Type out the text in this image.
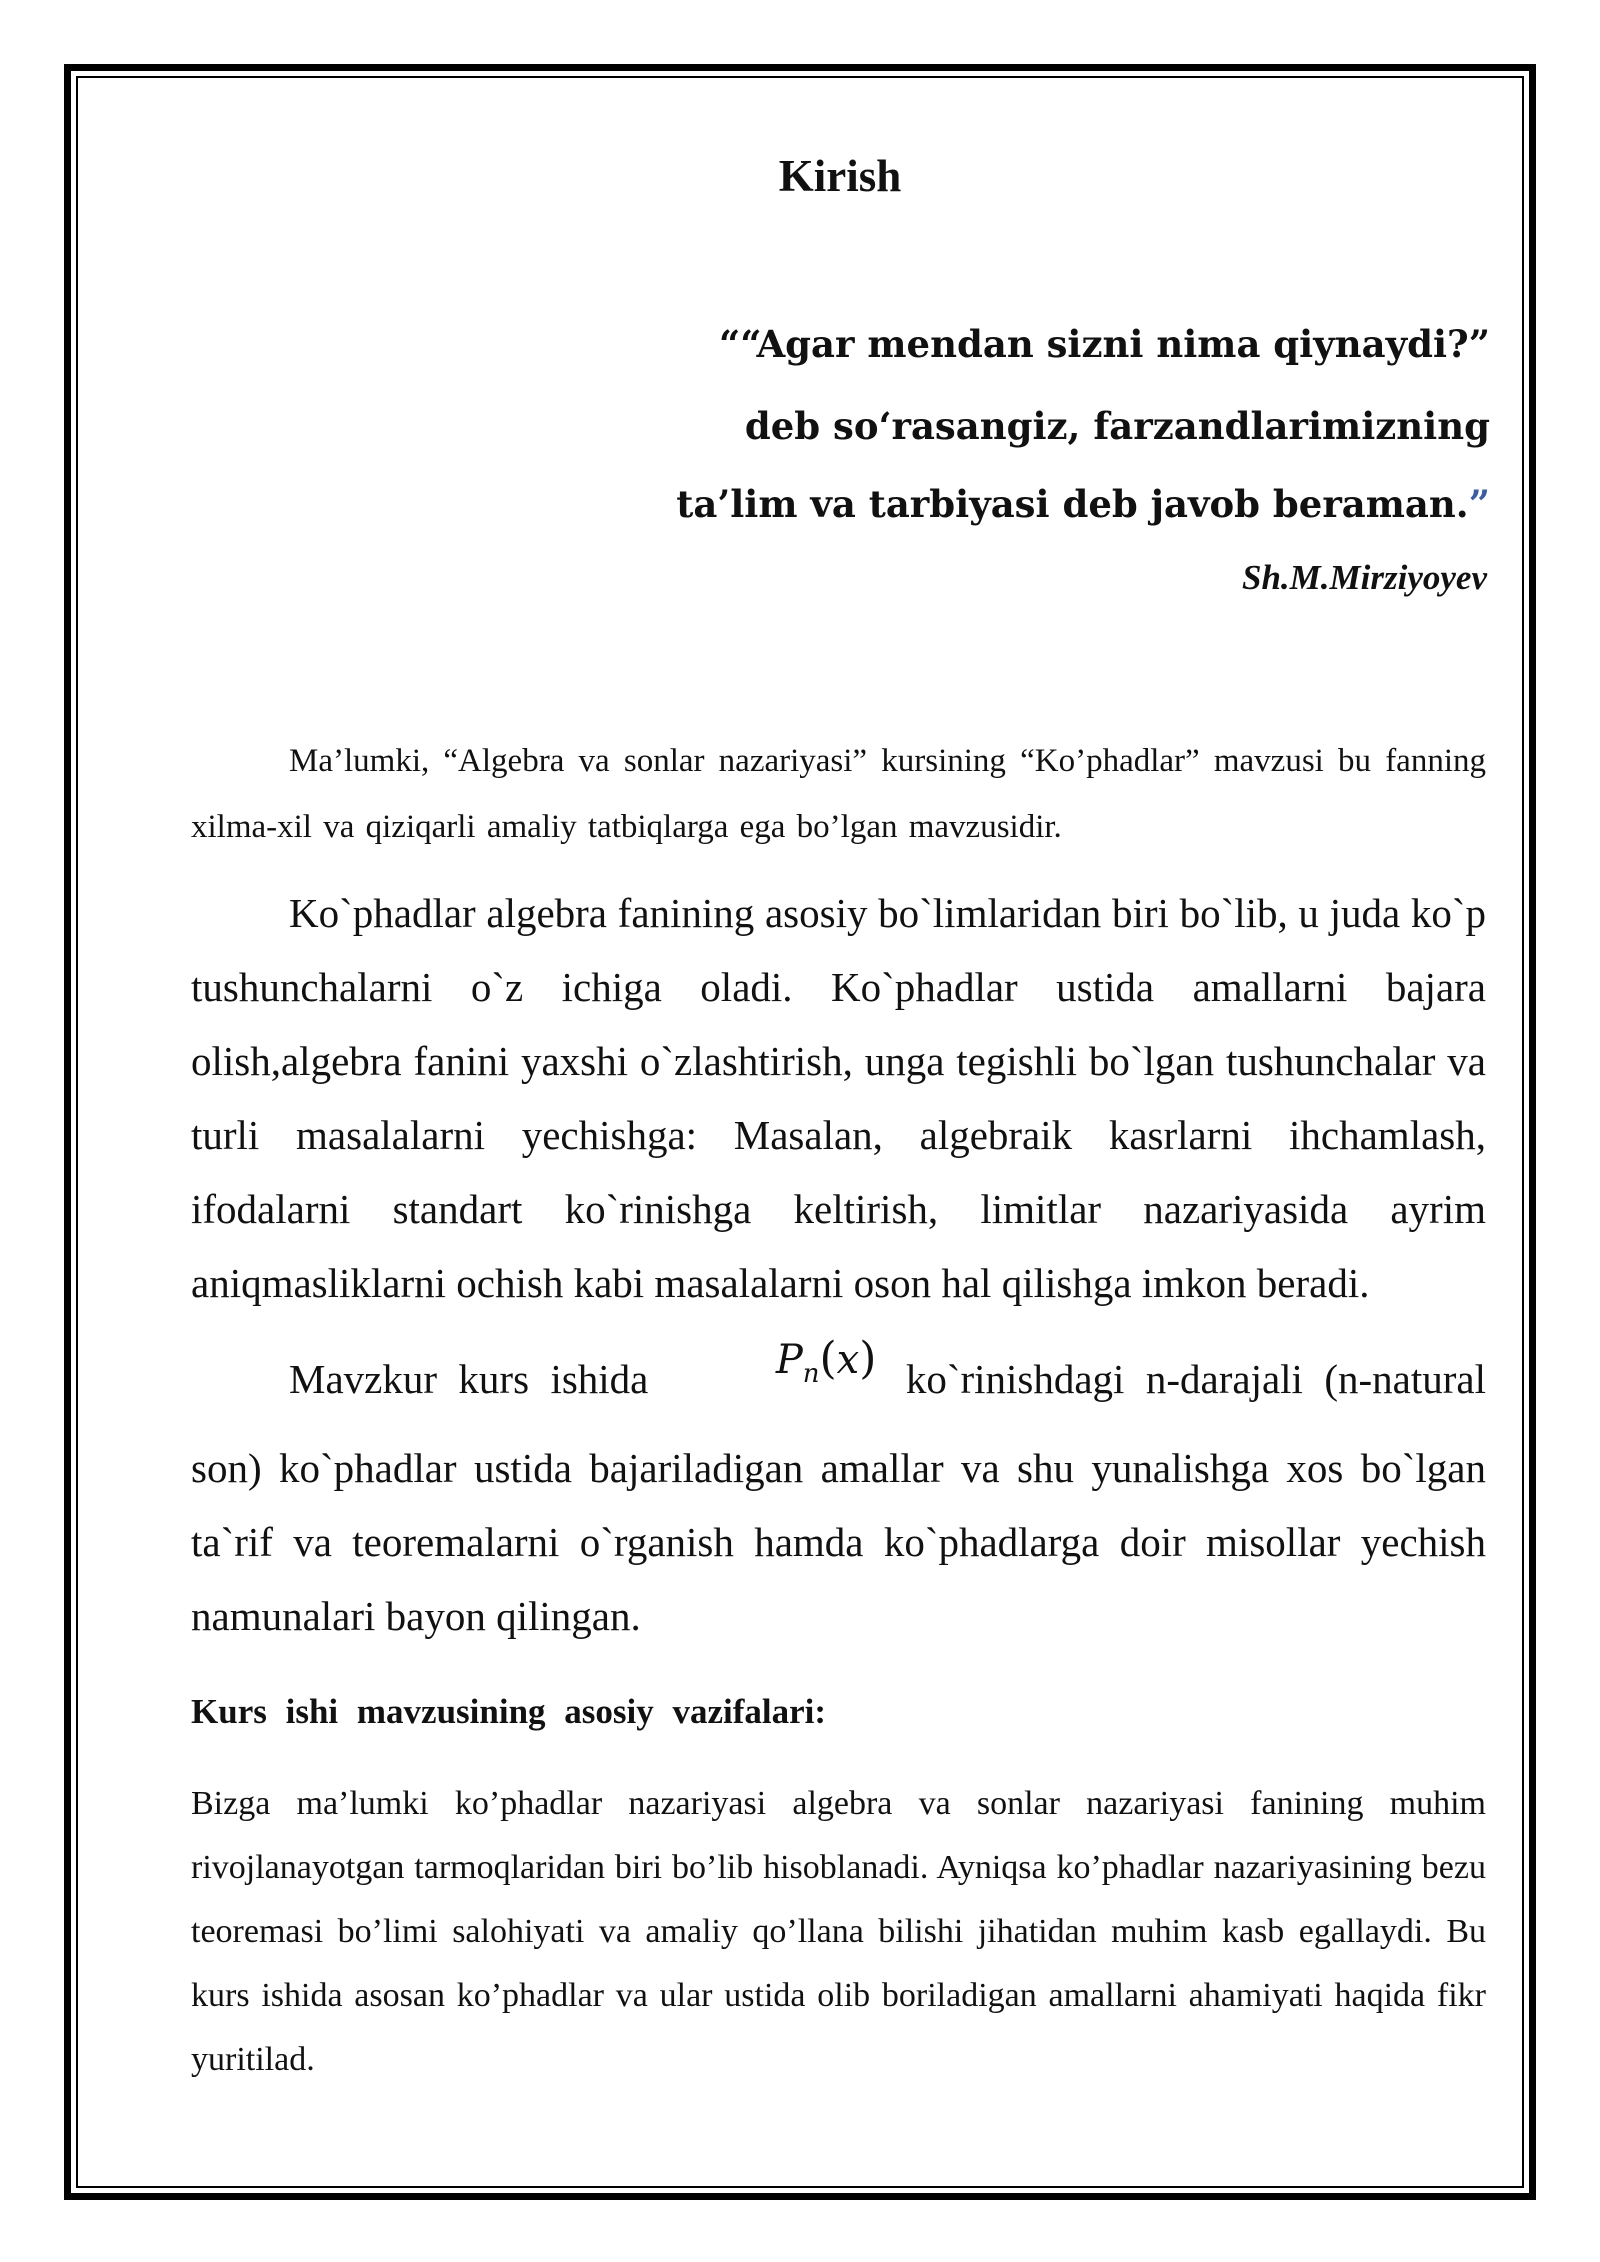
Kirish
““Agar mendan sizni nima qiynaydi?”
deb so‘rasangiz, farzandlarimizning
ta’lim va tarbiyasi deb javob beraman.”
Sh.M.Mirziyoyev

Ma’lumki, “Algebra va sonlar nazariyasi” kursining “Ko’phadlar” mavzusi bu fanning xilma-xil va qiziqarli amaliy tatbiqlarga ega bo’lgan mavzusidir.

Ko`phadlar algebra fanining asosiy bo`limlaridan biri bo`lib, u juda ko`p tushunchalarni o`z ichiga oladi. Ko`phadlar ustida amallarni bajara olish,algebra fanini yaxshi o`zlashtirish, unga tegishli bo`lgan tushunchalar va turli masalalarni yechishga: Masalan, algebraik kasrlarni ihchamlash, ifodalarni standart ko`rinishga keltirish, limitlar nazariyasida ayrim aniqmasliklarni ochish kabi masalalarni oson hal qilishga imkon beradi.

Mavzkur kurs ishida	$P_n(x)$ ko`rinishdagi n-darajali (n-natural son) ko`phadlar ustida bajariladigan amallar va shu yunalishga xos bo`lgan ta`rif va teoremalarni o`rganish hamda ko`phadlarga doir misollar yechish namunalari bayon qilingan.

Kurs ishi mavzusining asosiy vazifalari:

Bizga ma’lumki ko’phadlar nazariyasi algebra va sonlar nazariyasi fanining muhim rivojlanayotgan tarmoqlaridan biri bo’lib hisoblanadi. Ayniqsa ko’phadlar nazariyasining bezu teoremasi bo’limi salohiyati va amaliy qo’llana bilishi jihatidan muhim kasb egallaydi. Bu kurs ishida asosan ko’phadlar va ular ustida olib boriladigan amallarni ahamiyati haqida fikr yuritilad.
